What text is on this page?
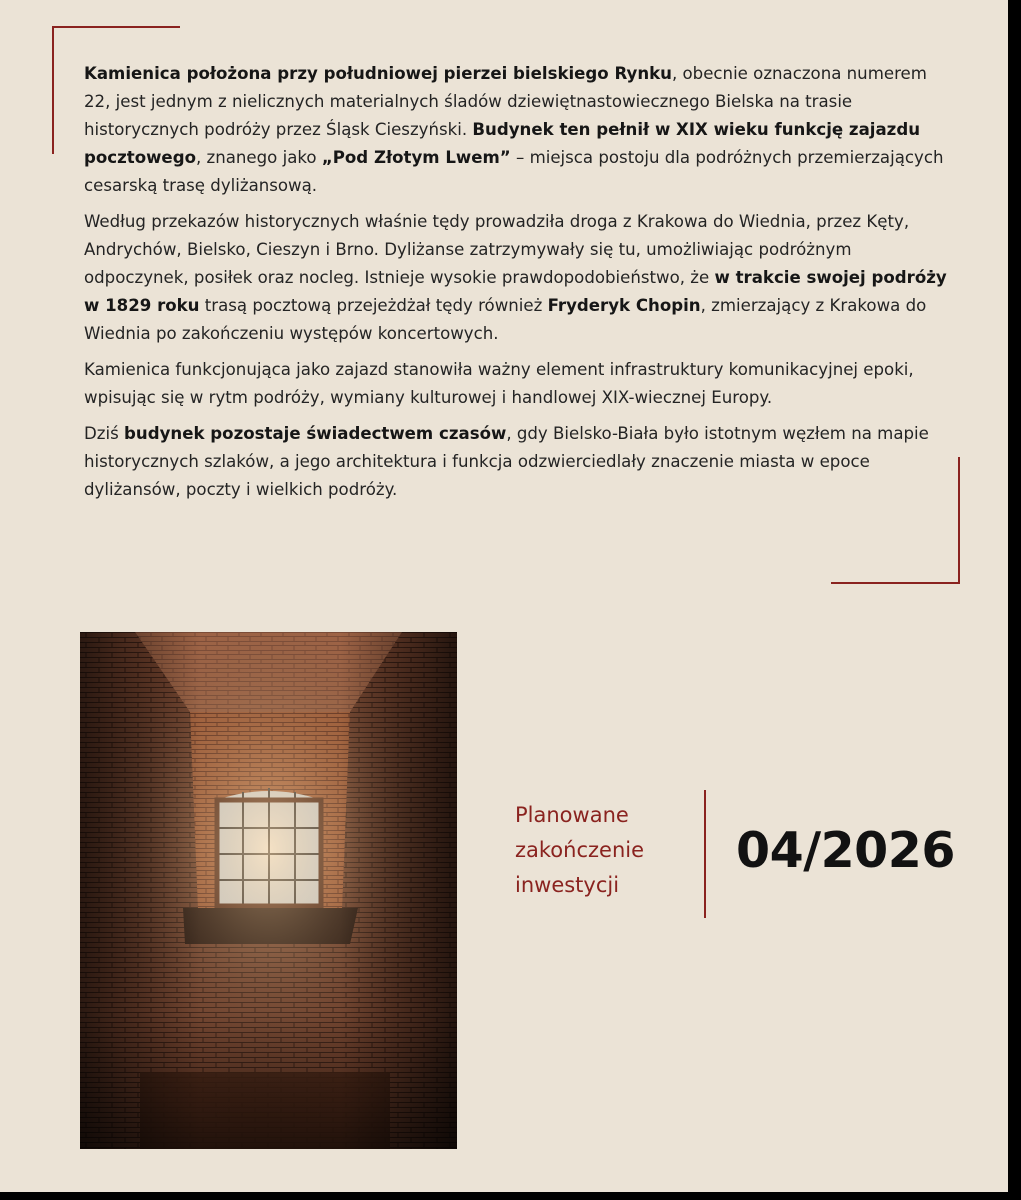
Kamienica położona przy południowej pierzei bielskiego Rynku, obecnie oznaczona numerem 22, jest jednym z nielicznych materialnych śladów dziewiętnastowiecznego Bielska na trasie historycznych podróży przez Śląsk Cieszyński. Budynek ten pełnił w XIX wieku funkcję zajazdu pocztowego, znanego jako „Pod Złotym Lwem” – miejsca postoju dla podróżnych przemierzających cesarską trasę dyliżansową.

Według przekazów historycznych właśnie tędy prowadziła droga z Krakowa do Wiednia, przez Kęty, Andrychów, Bielsko, Cieszyn i Brno. Dyliżanse zatrzymywały się tu, umożliwiając podróżnym odpoczynek, posiłek oraz nocleg. Istnieje wysokie prawdopodobieństwo, że w trakcie swojej podróży w 1829 roku trasą pocztową przejeżdżał tędy również Fryderyk Chopin, zmierzający z Krakowa do Wiednia po zakończeniu występów koncertowych.

Kamienica funkcjonująca jako zajazd stanowiła ważny element infrastruktury komunikacyjnej epoki, wpisując się w rytm podróży, wymiany kulturowej i handlowej XIX-wiecznej Europy.

Dziś budynek pozostaje świadectwem czasów, gdy Bielsko-Biała było istotnym węzłem na mapie historycznych szlaków, a jego architektura i funkcja odzwierciedlały znaczenie miasta w epoce dyliżansów, poczty i wielkich podróży.

Planowane
zakończenie
inwestycji
04/2026
